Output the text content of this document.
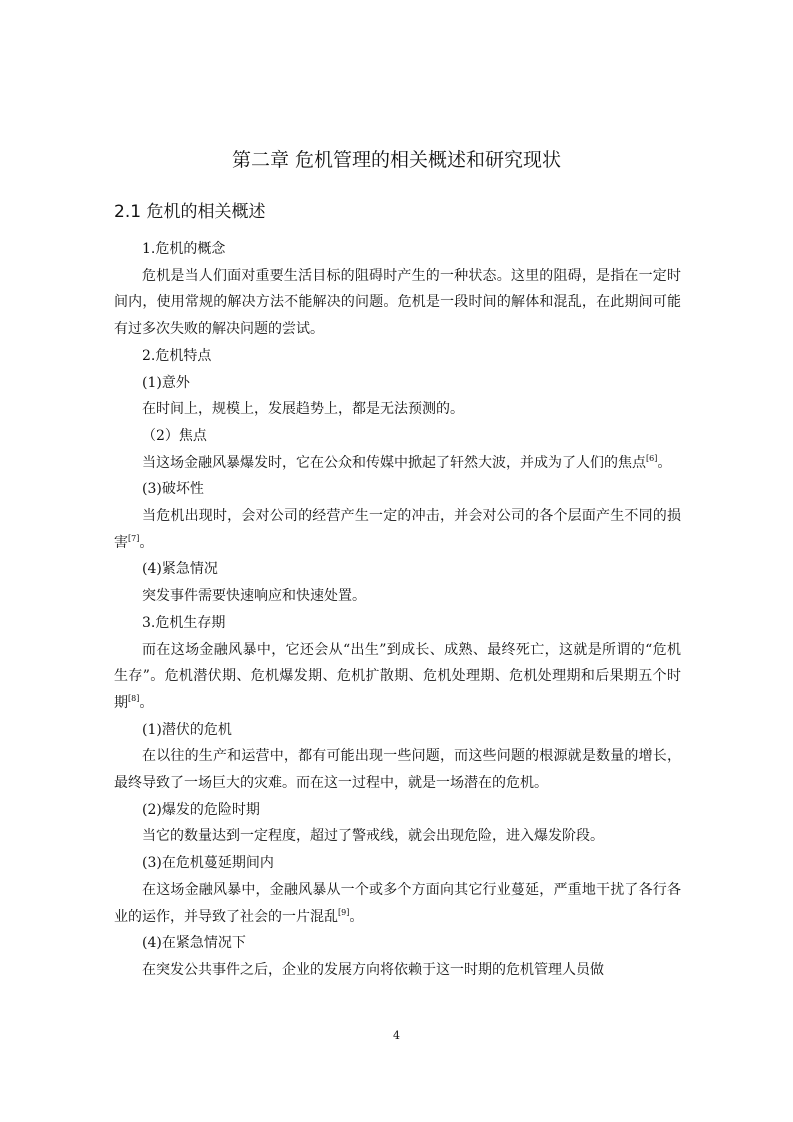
第二章 危机管理的相关概述和研究现状
2.1 危机的相关概述

1.危机的概念

危机是当人们面对重要生活目标的阻碍时产生的一种状态。这里的阻碍，是指在一定时间内，使用常规的解决方法不能解决的问题。危机是一段时间的解体和混乱，在此期间可能有过多次失败的解决问题的尝试。

2.危机特点

(1)意外

在时间上，规模上，发展趋势上，都是无法预测的。

（2）焦点

当这场金融风暴爆发时，它在公众和传媒中掀起了轩然大波，并成为了人们的焦点[6]。

(3)破坏性

当危机出现时，会对公司的经营产生一定的冲击，并会对公司的各个层面产生不同的损害[7]。

(4)紧急情况

突发事件需要快速响应和快速处置。

3.危机生存期

而在这场金融风暴中，它还会从“出生”到成长、成熟、最终死亡，这就是所谓的“危机生存”。危机潜伏期、危机爆发期、危机扩散期、危机处理期、危机处理期和后果期五个时期[8]。

(1)潜伏的危机

在以往的生产和运营中，都有可能出现一些问题，而这些问题的根源就是数量的增长，最终导致了一场巨大的灾难。而在这一过程中，就是一场潜在的危机。

(2)爆发的危险时期

当它的数量达到一定程度，超过了警戒线，就会出现危险，进入爆发阶段。

(3)在危机蔓延期间内

在这场金融风暴中，金融风暴从一个或多个方面向其它行业蔓延，严重地干扰了各行各业的运作，并导致了社会的一片混乱[9]。

(4)在紧急情况下

在突发公共事件之后，企业的发展方向将依赖于这一时期的危机管理人员做

4
